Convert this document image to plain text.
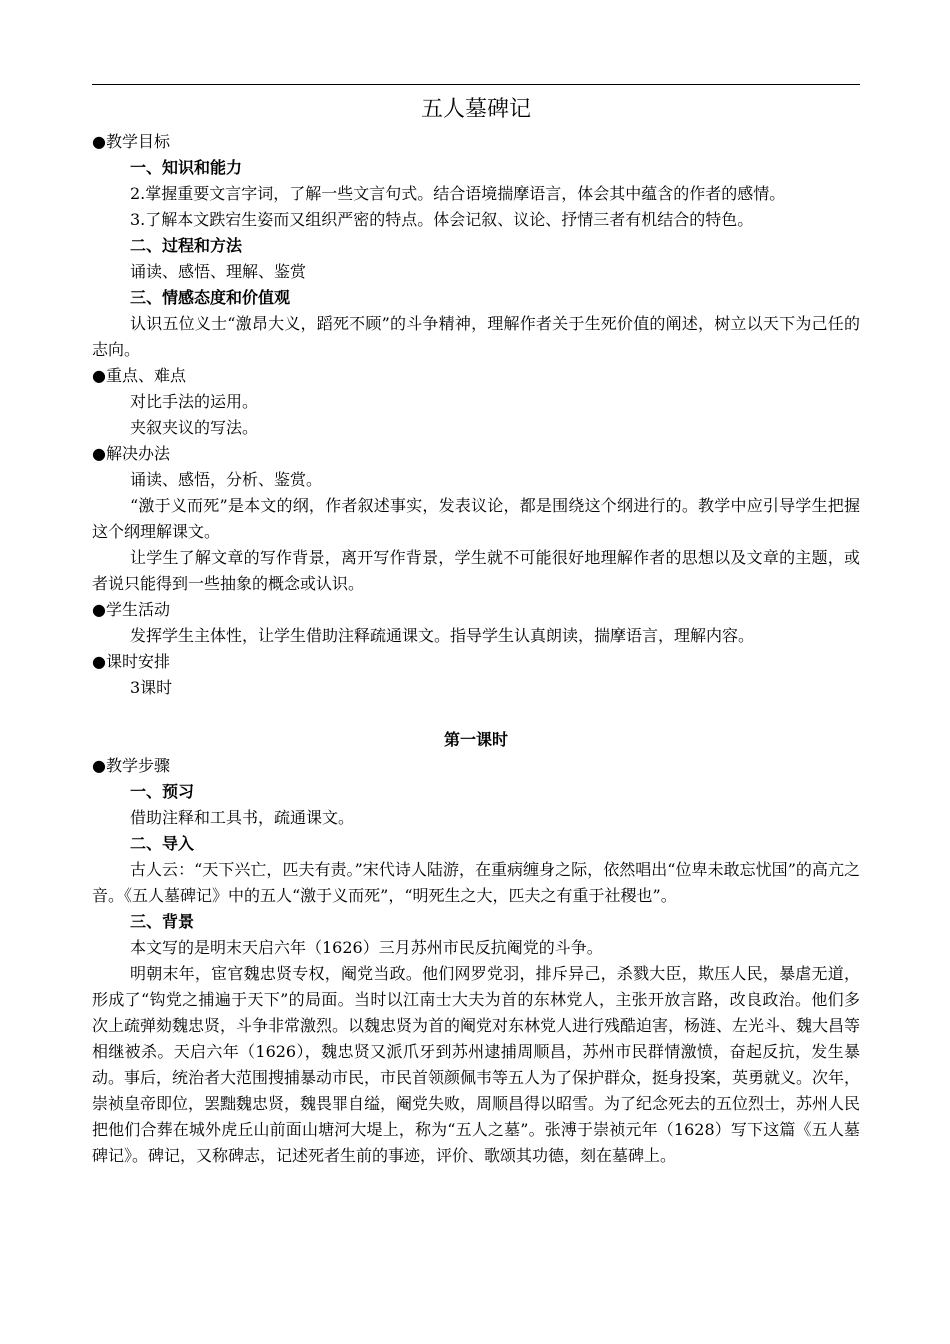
五人墓碑记

●教学目标

一、知识和能力

2.掌握重要文言字词，了解一些文言句式。结合语境揣摩语言，体会其中蕴含的作者的感情。

3.了解本文跌宕生姿而又组织严密的特点。体会记叙、议论、抒情三者有机结合的特色。

二、过程和方法

诵读、感悟、理解、鉴赏

三、情感态度和价值观

认识五位义士“激昂大义，蹈死不顾”的斗争精神，理解作者关于生死价值的阐述，树立以天下为己任的志向。

●重点、难点

对比手法的运用。

夹叙夹议的写法。

●解决办法

诵读、感悟，分析、鉴赏。

“激于义而死”是本文的纲，作者叙述事实，发表议论，都是围绕这个纲进行的。教学中应引导学生把握这个纲理解课文。

让学生了解文章的写作背景，离开写作背景，学生就不可能很好地理解作者的思想以及文章的主题，或者说只能得到一些抽象的概念或认识。

●学生活动

发挥学生主体性，让学生借助注释疏通课文。指导学生认真朗读，揣摩语言，理解内容。

●课时安排

3课时

第一课时

●教学步骤

一、预习

借助注释和工具书，疏通课文。

二、导入

古人云：“天下兴亡，匹夫有责。”宋代诗人陆游，在重病缠身之际，依然唱出“位卑未敢忘忧国”的高亢之音。《五人墓碑记》中的五人“激于义而死”，“明死生之大，匹夫之有重于社稷也”。

三、背景

本文写的是明末天启六年（1626）三月苏州市民反抗阉党的斗争。

明朝末年，宦官魏忠贤专权，阉党当政。他们网罗党羽，排斥异己，杀戮大臣，欺压人民，暴虐无道，形成了“钩党之捕遍于天下”的局面。当时以江南士大夫为首的东林党人，主张开放言路，改良政治。他们多次上疏弹劾魏忠贤，斗争非常激烈。以魏忠贤为首的阉党对东林党人进行残酷迫害，杨涟、左光斗、魏大昌等相继被杀。天启六年（1626），魏忠贤又派爪牙到苏州逮捕周顺昌，苏州市民群情激愤，奋起反抗，发生暴动。事后，统治者大范围搜捕暴动市民，市民首领颜佩韦等五人为了保护群众，挺身投案，英勇就义。次年，崇祯皇帝即位，罢黜魏忠贤，魏畏罪自缢，阉党失败，周顺昌得以昭雪。为了纪念死去的五位烈士，苏州人民把他们合葬在城外虎丘山前面山塘河大堤上，称为“五人之墓”。张溥于崇祯元年（1628）写下这篇《五人墓碑记》。碑记，又称碑志，记述死者生前的事迹，评价、歌颂其功德，刻在墓碑上。
